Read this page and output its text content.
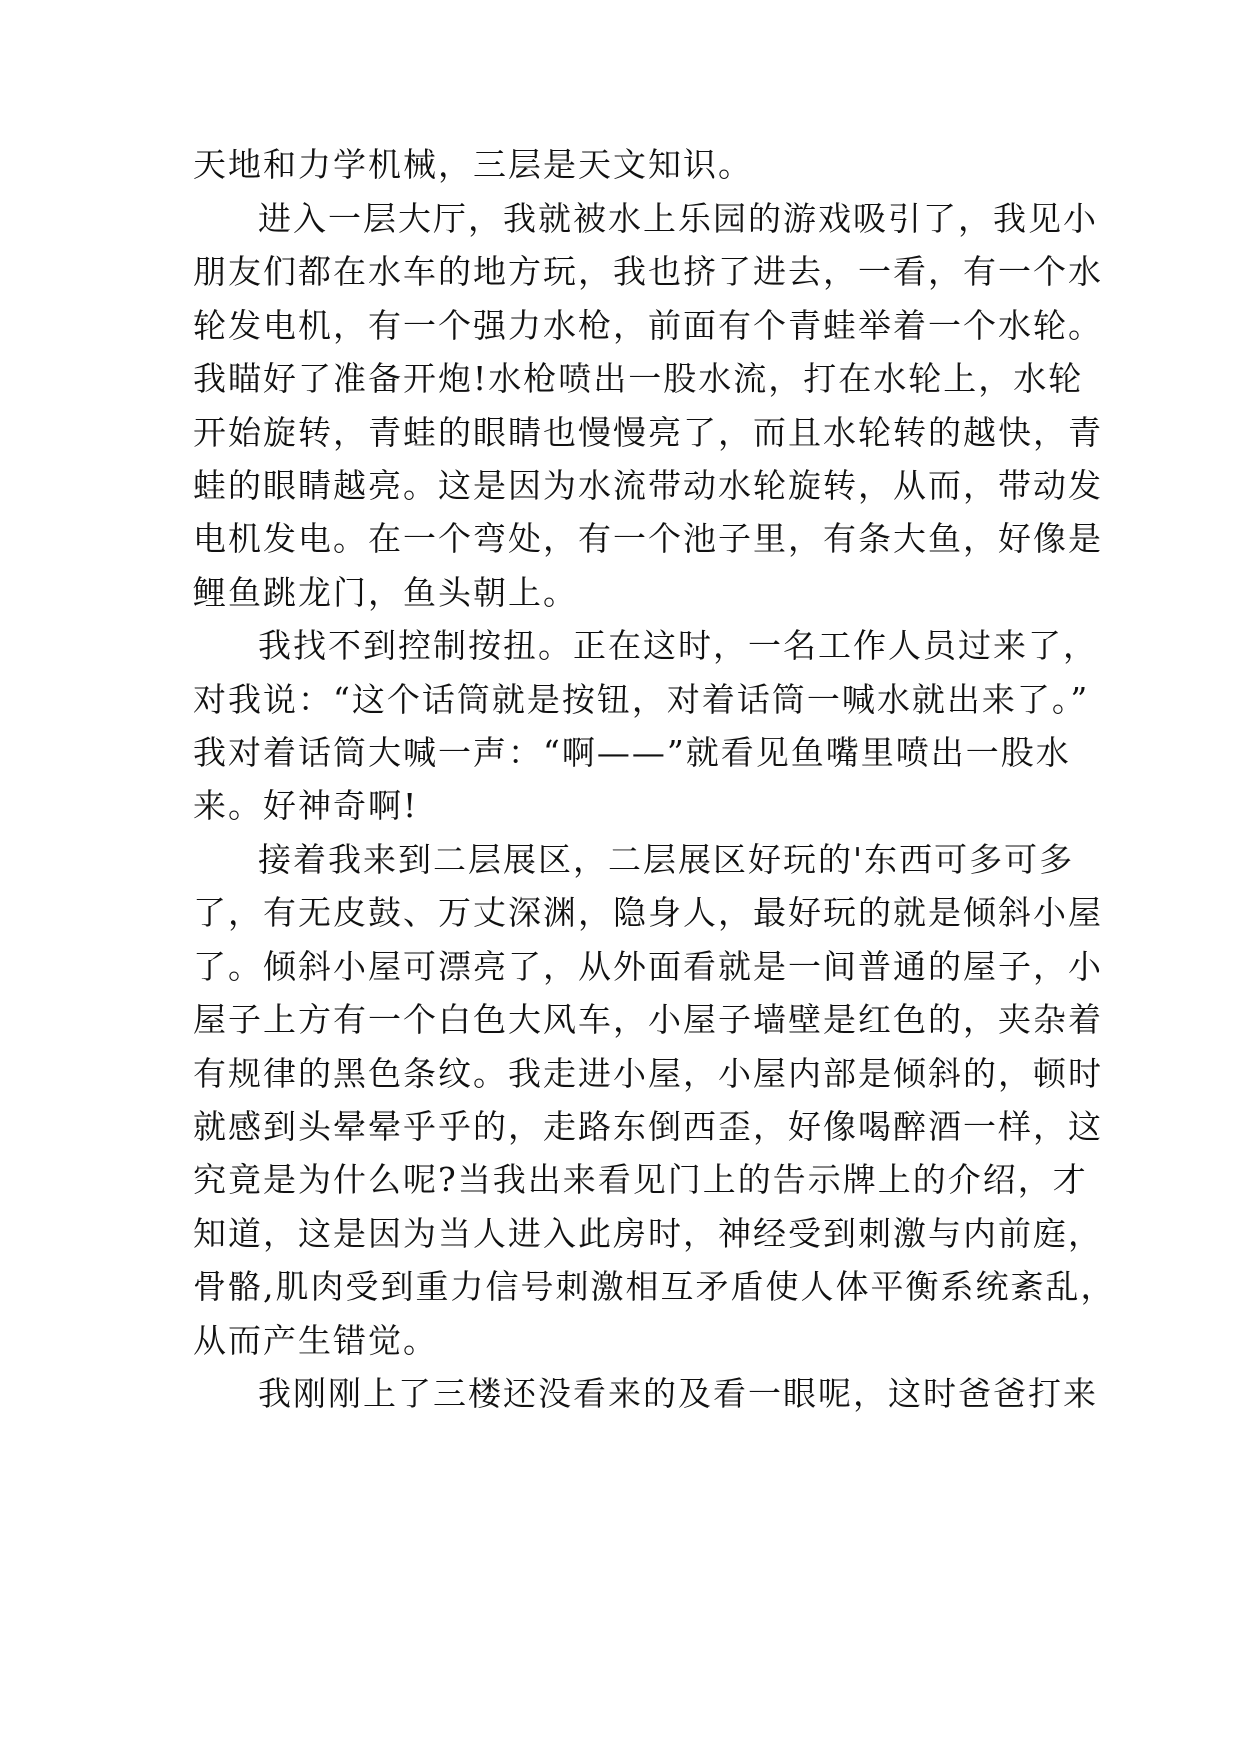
天地和力学机械，三层是天文知识。

进入一层大厅，我就被水上乐园的游戏吸引了，我见小

朋友们都在水车的地方玩，我也挤了进去，一看，有一个水

轮发电机，有一个强力水枪，前面有个青蛙举着一个水轮。

我瞄好了准备开炮!水枪喷出一股水流，打在水轮上，水轮

开始旋转，青蛙的眼睛也慢慢亮了，而且水轮转的越快，青

蛙的眼睛越亮。这是因为水流带动水轮旋转，从而，带动发

电机发电。在一个弯处，有一个池子里，有条大鱼，好像是

鲤鱼跳龙门，鱼头朝上。

我找不到控制按扭。正在这时，一名工作人员过来了，

对我说：“这个话筒就是按钮，对着话筒一喊水就出来了。”

我对着话筒大喊一声：“啊——”就看见鱼嘴里喷出一股水

来。好神奇啊!

接着我来到二层展区，二层展区好玩的'东西可多可多

了，有无皮鼓、万丈深渊，隐身人，最好玩的就是倾斜小屋

了。倾斜小屋可漂亮了，从外面看就是一间普通的屋子，小

屋子上方有一个白色大风车，小屋子墙壁是红色的，夹杂着

有规律的黑色条纹。我走进小屋，小屋内部是倾斜的，顿时

就感到头晕晕乎乎的，走路东倒西歪，好像喝醉酒一样，这

究竟是为什么呢?当我出来看见门上的告示牌上的介绍，才

知道，这是因为当人进入此房时，神经受到刺激与内前庭，

骨骼,肌肉受到重力信号刺激相互矛盾使人体平衡系统紊乱，

从而产生错觉。

我刚刚上了三楼还没看来的及看一眼呢，这时爸爸打来
